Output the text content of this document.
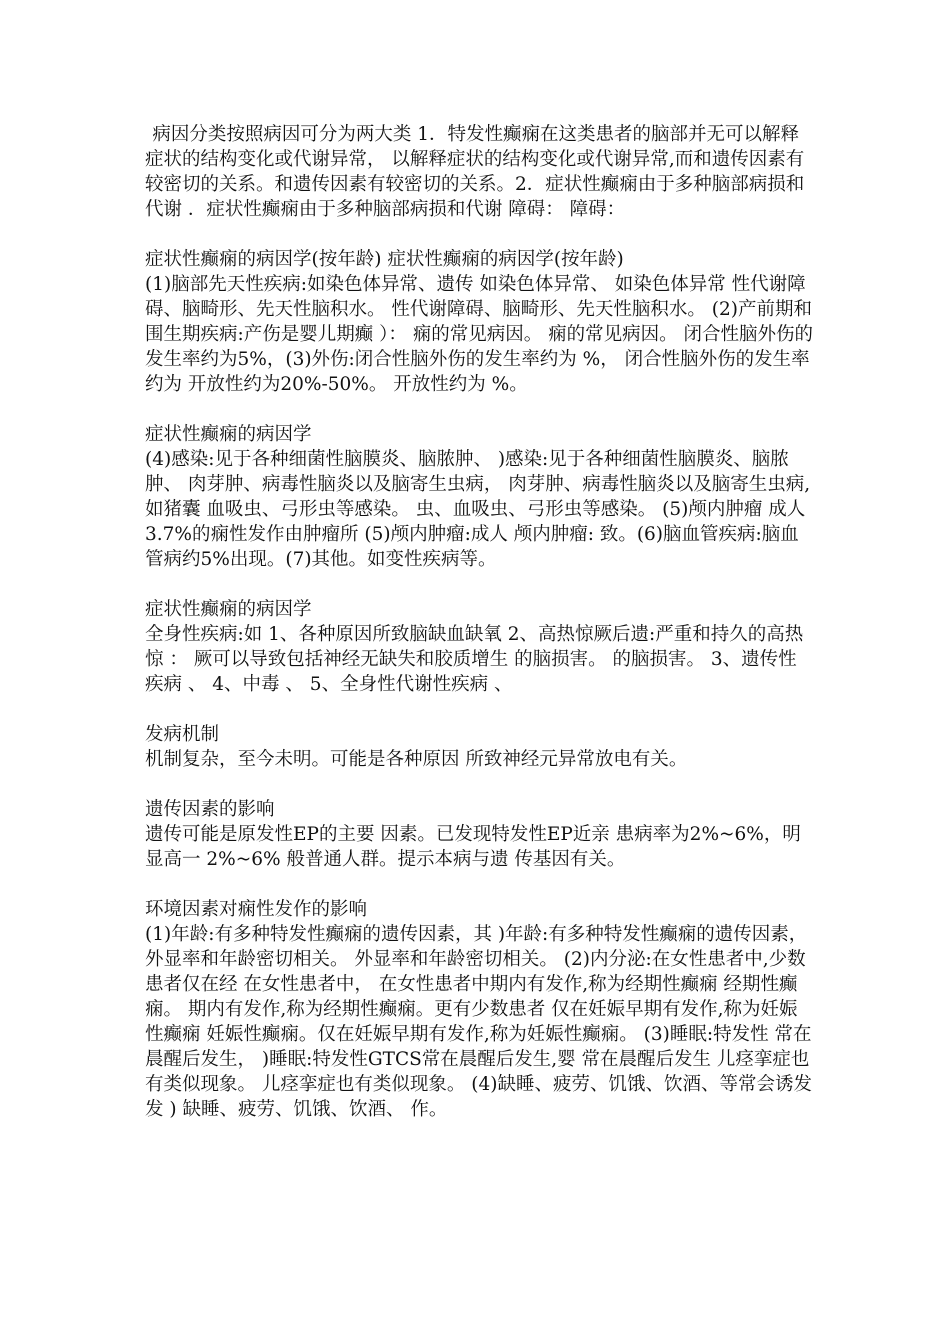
病因分类按照病因可分为两大类 1．特发性癫痫在这类患者的脑部并无可以解释症状的结构变化或代谢异常， 以解释症状的结构变化或代谢异常,而和遗传因素有较密切的关系。和遗传因素有较密切的关系。2．症状性癫痫由于多种脑部病损和代谢 ．症状性癫痫由于多种脑部病损和代谢 障碍： 障碍：

症状性癫痫的病因学(按年龄) 症状性癫痫的病因学(按年龄)

(1)脑部先天性疾病:如染色体异常、遗传 如染色体异常、 如染色体异常 性代谢障碍、脑畸形、先天性脑积水。 性代谢障碍、脑畸形、先天性脑积水。 (2)产前期和围生期疾病:产伤是婴儿期癫 ）： 痫的常见病因。 痫的常见病因。 闭合性脑外伤的发生率约为5%，(3)外伤:闭合性脑外伤的发生率约为 %， 闭合性脑外伤的发生率约为 开放性约为20%-50%。 开放性约为 %。

症状性癫痫的病因学

(4)感染:见于各种细菌性脑膜炎、脑脓肿、 )感染:见于各种细菌性脑膜炎、脑脓肿、 肉芽肿、病毒性脑炎以及脑寄生虫病， 肉芽肿、病毒性脑炎以及脑寄生虫病,如猪囊 血吸虫、弓形虫等感染。 虫、血吸虫、弓形虫等感染。 (5)颅内肿瘤 成人3.7%的痫性发作由肿瘤所 (5)颅内肿瘤:成人 颅内肿瘤: 致。(6)脑血管疾病:脑血管病约5%出现。(7)其他。如变性疾病等。

症状性癫痫的病因学

全身性疾病:如 1、各种原因所致脑缺血缺氧 2、高热惊厥后遗:严重和持久的高热惊 ： 厥可以导致包括神经无缺失和胶质增生 的脑损害。 的脑损害。 3、遗传性疾病 、 4、中毒 、 5、全身性代谢性疾病 、

发病机制

机制复杂，至今未明。可能是各种原因 所致神经元异常放电有关。

遗传因素的影响

遗传可能是原发性EP的主要 因素。已发现特发性EP近亲 患病率为2%~6%，明显高一 2%~6% 般普通人群。提示本病与遗 传基因有关。

环境因素对痫性发作的影响

(1)年龄:有多种特发性癫痫的遗传因素，其 )年龄:有多种特发性癫痫的遗传因素， 外显率和年龄密切相关。 外显率和年龄密切相关。 (2)内分泌:在女性患者中,少数患者仅在经 在女性患者中， 在女性患者中期内有发作,称为经期性癫痫 经期性癫痫。 期内有发作,称为经期性癫痫。更有少数患者 仅在妊娠早期有发作,称为妊娠性癫痫 妊娠性癫痫。仅在妊娠早期有发作,称为妊娠性癫痫。 (3)睡眠:特发性 常在晨醒后发生， )睡眠:特发性GTCS常在晨醒后发生,婴 常在晨醒后发生 儿痉挛症也有类似现象。 儿痉挛症也有类似现象。 (4)缺睡、疲劳、饥饿、饮酒、等常会诱发发 ) 缺睡、疲劳、饥饿、饮酒、 作。
